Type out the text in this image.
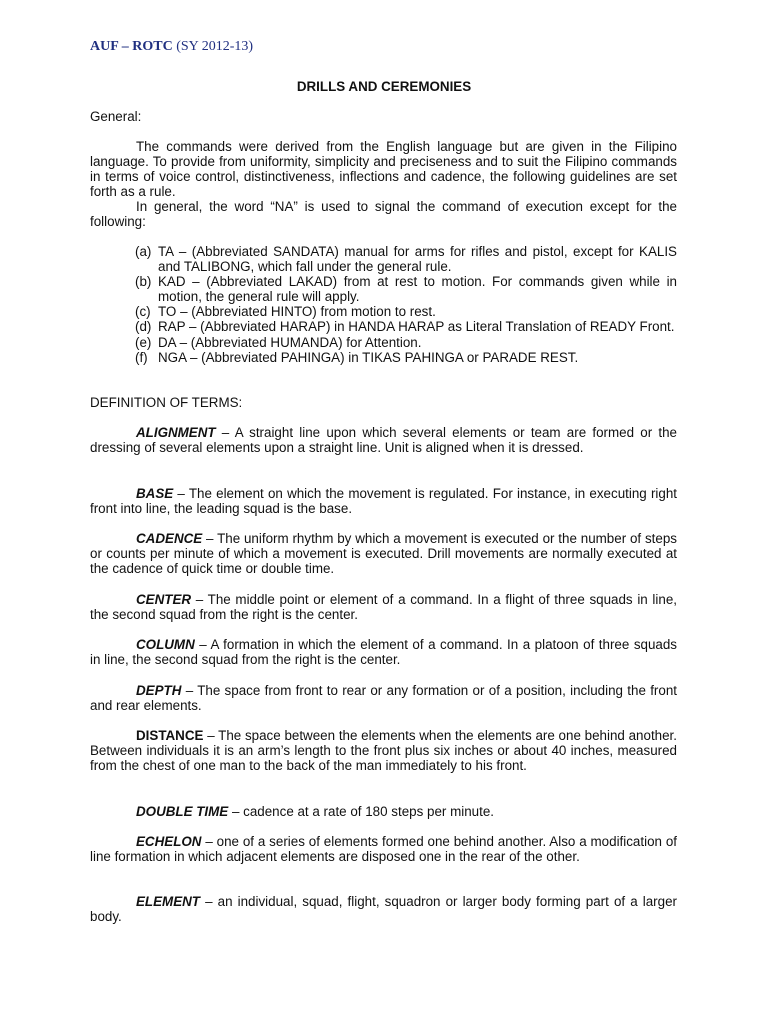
AUF – ROTC (SY 2012-13)
DRILLS AND CEREMONIES
General:
The commands were derived from the English language but are given in the Filipino language. To provide from uniformity, simplicity and preciseness and to suit the Filipino commands in terms of voice control, distinctiveness, inflections and cadence, the following guidelines are set forth as a rule.
In general, the word “NA” is used to signal the command of execution except for the following:
(a) TA – (Abbreviated SANDATA) manual for arms for rifles and pistol, except for KALIS and TALIBONG, which fall under the general rule.
(b) KAD – (Abbreviated LAKAD) from at rest to motion. For commands given while in motion, the general rule will apply.
(c) TO – (Abbreviated HINTO) from motion to rest.
(d) RAP – (Abbreviated HARAP) in HANDA HARAP as Literal Translation of READY Front.
(e) DA – (Abbreviated HUMANDA) for Attention.
(f) NGA – (Abbreviated PAHINGA) in TIKAS PAHINGA or PARADE REST.
DEFINITION OF TERMS:
ALIGNMENT – A straight line upon which several elements or team are formed or the dressing of several elements upon a straight line. Unit is aligned when it is dressed.
BASE – The element on which the movement is regulated. For instance, in executing right front into line, the leading squad is the base.
CADENCE – The uniform rhythm by which a movement is executed or the number of steps or counts per minute of which a movement is executed. Drill movements are normally executed at the cadence of quick time or double time.
CENTER – The middle point or element of a command. In a flight of three squads in line, the second squad from the right is the center.
COLUMN – A formation in which the element of a command. In a platoon of three squads in line, the second squad from the right is the center.
DEPTH – The space from front to rear or any formation or of a position, including the front and rear elements.
DISTANCE – The space between the elements when the elements are one behind another. Between individuals it is an arm’s length to the front plus six inches or about 40 inches, measured from the chest of one man to the back of the man immediately to his front.
DOUBLE TIME – cadence at a rate of 180 steps per minute.
ECHELON – one of a series of elements formed one behind another. Also a modification of line formation in which adjacent elements are disposed one in the rear of the other.
ELEMENT – an individual, squad, flight, squadron or larger body forming part of a larger body.
